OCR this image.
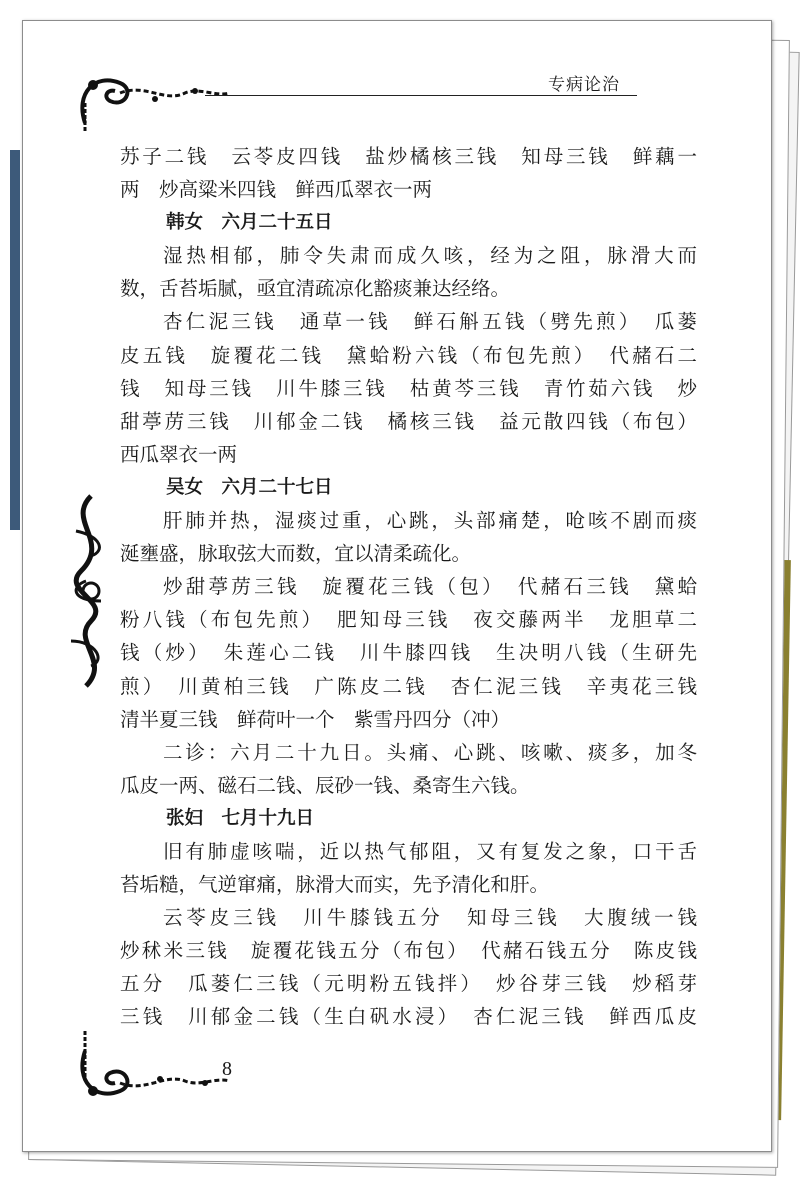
专病论治
苏子二钱　云苓皮四钱　盐炒橘核三钱　知母三钱　鲜藕一
两　炒高粱米四钱　鲜西瓜翠衣一两
韩女　六月二十五日
湿热相郁，肺令失肃而成久咳，经为之阻，脉滑大而
数，舌苔垢腻，亟宜清疏凉化豁痰兼达经络。
杏仁泥三钱　通草一钱　鲜石斛五钱（劈先煎）　瓜蒌
皮五钱　旋覆花二钱　黛蛤粉六钱（布包先煎）　代赭石二
钱　知母三钱　川牛膝三钱　枯黄芩三钱　青竹茹六钱　炒
甜葶苈三钱　川郁金二钱　橘核三钱　益元散四钱（布包）
西瓜翠衣一两
吴女　六月二十七日
肝肺并热，湿痰过重，心跳，头部痛楚，呛咳不剧而痰
涎壅盛，脉取弦大而数，宜以清柔疏化。
炒甜葶苈三钱　旋覆花三钱（包）　代赭石三钱　黛蛤
粉八钱（布包先煎）　肥知母三钱　夜交藤两半　龙胆草二
钱（炒）　朱莲心二钱　川牛膝四钱　生决明八钱（生研先
煎）　川黄柏三钱　广陈皮二钱　杏仁泥三钱　辛夷花三钱
清半夏三钱　鲜荷叶一个　紫雪丹四分（冲）
二诊：六月二十九日。头痛、心跳、咳嗽、痰多，加冬
瓜皮一两、磁石二钱、辰砂一钱、桑寄生六钱。
张妇　七月十九日
旧有肺虚咳喘，近以热气郁阻，又有复发之象，口干舌
苔垢糙，气逆窜痛，脉滑大而实，先予清化和肝。
云苓皮三钱　川牛膝钱五分　知母三钱　大腹绒一钱
炒秫米三钱　旋覆花钱五分（布包）　代赭石钱五分　陈皮钱
五分　瓜蒌仁三钱（元明粉五钱拌）　炒谷芽三钱　炒稻芽
三钱　川郁金二钱（生白矾水浸）　杏仁泥三钱　鲜西瓜皮
8
